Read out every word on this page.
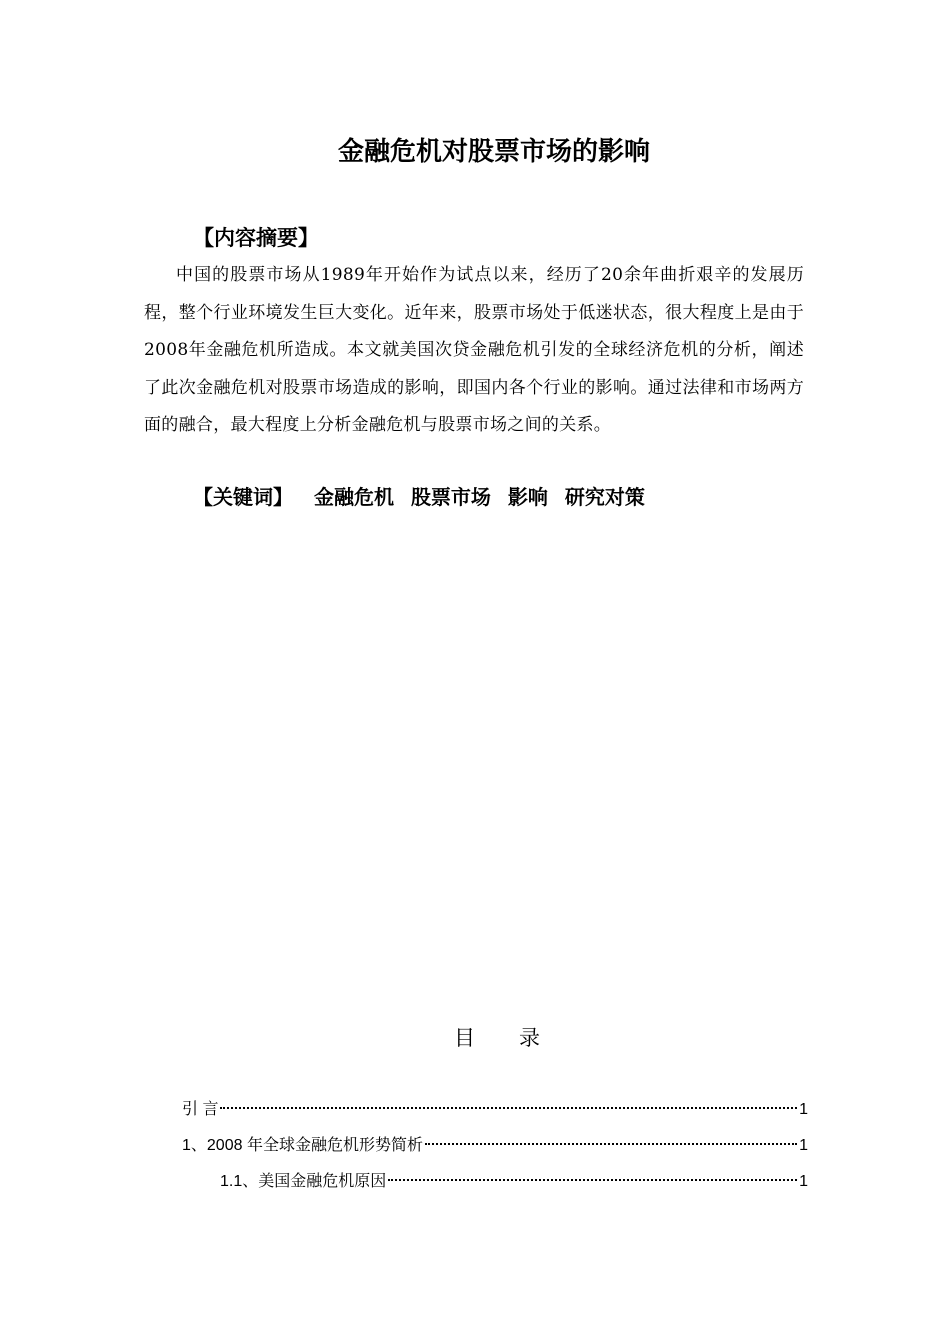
金融危机对股票市场的影响
【内容摘要】
中国的股票市场从1989年开始作为试点以来，经历了20余年曲折艰辛的发展历程，整个行业环境发生巨大变化。近年来，股票市场处于低迷状态，很大程度上是由于2008年金融危机所造成。本文就美国次贷金融危机引发的全球经济危机的分析，阐述了此次金融危机对股票市场造成的影响，即国内各个行业的影响。通过法律和市场两方面的融合，最大程度上分析金融危机与股票市场之间的关系。
【关键词】 金融危机 股票市场 影响 研究对策
目 录
引 言	1
1、2008 年全球金融危机形势简析	1
1.1、美国金融危机原因	1
